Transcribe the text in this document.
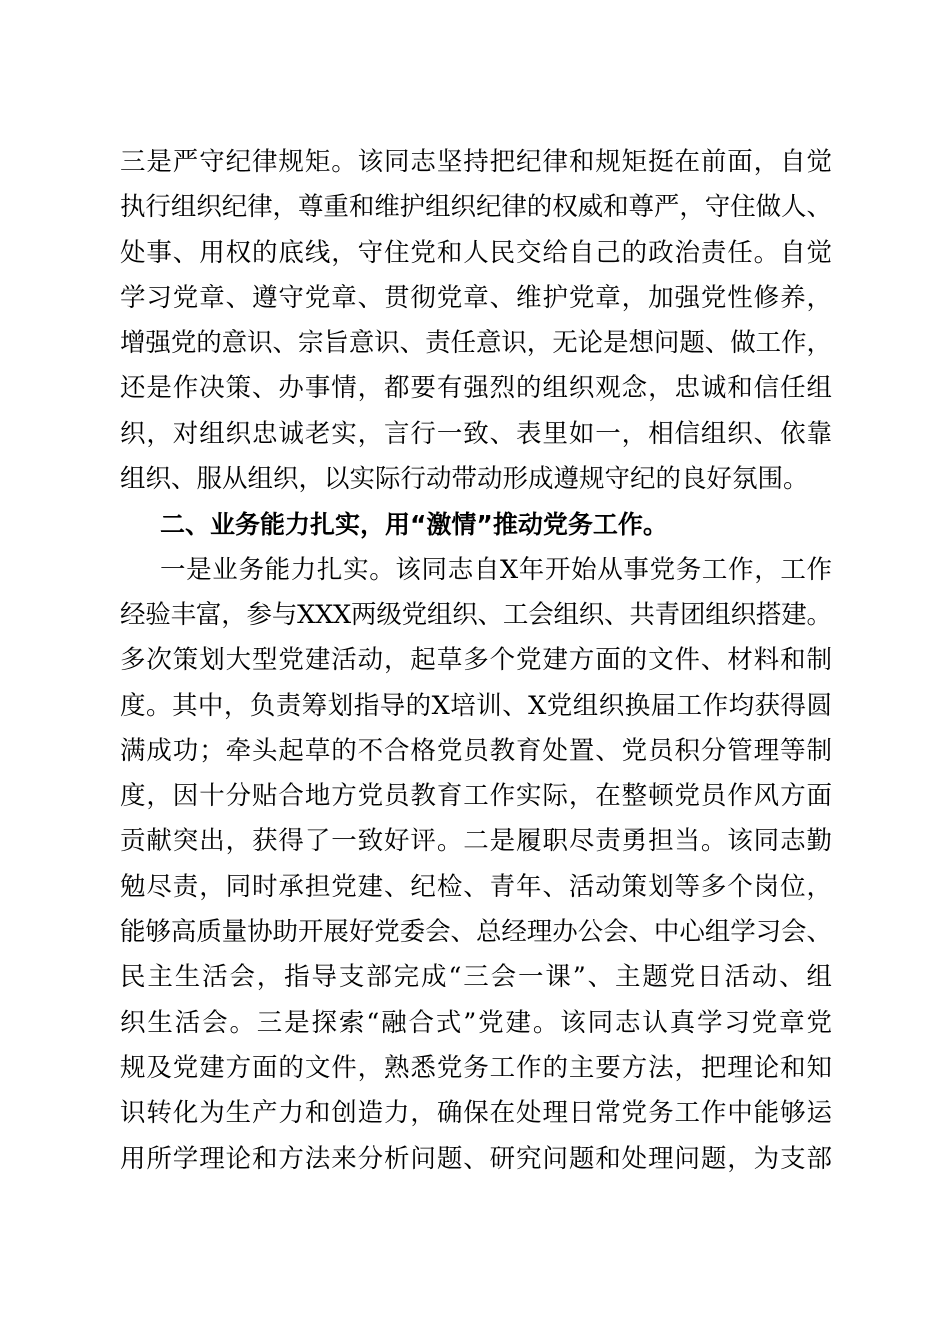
三是严守纪律规矩。该同志坚持把纪律和规矩挺在前面，自觉
执行组织纪律，尊重和维护组织纪律的权威和尊严，守住做人、
处事、用权的底线，守住党和人民交给自己的政治责任。自觉
学习党章、遵守党章、贯彻党章、维护党章，加强党性修养，
增强党的意识、宗旨意识、责任意识，无论是想问题、做工作，
还是作决策、办事情，都要有强烈的组织观念，忠诚和信任组
织，对组织忠诚老实，言行一致、表里如一，相信组织、依靠
组织、服从组织，以实际行动带动形成遵规守纪的良好氛围。
二、业务能力扎实，用“激情”推动党务工作。
一是业务能力扎实。该同志自X年开始从事党务工作，工作
经验丰富，参与XXX两级党组织、工会组织、共青团组织搭建。
多次策划大型党建活动，起草多个党建方面的文件、材料和制
度。其中，负责筹划指导的X培训、X党组织换届工作均获得圆
满成功；牵头起草的不合格党员教育处置、党员积分管理等制
度，因十分贴合地方党员教育工作实际，在整顿党员作风方面
贡献突出，获得了一致好评。二是履职尽责勇担当。该同志勤
勉尽责，同时承担党建、纪检、青年、活动策划等多个岗位，
能够高质量协助开展好党委会、总经理办公会、中心组学习会、
民主生活会，指导支部完成“三会一课”、主题党日活动、组
织生活会。三是探索“融合式”党建。该同志认真学习党章党
规及党建方面的文件，熟悉党务工作的主要方法，把理论和知
识转化为生产力和创造力，确保在处理日常党务工作中能够运
用所学理论和方法来分析问题、研究问题和处理问题，为支部
